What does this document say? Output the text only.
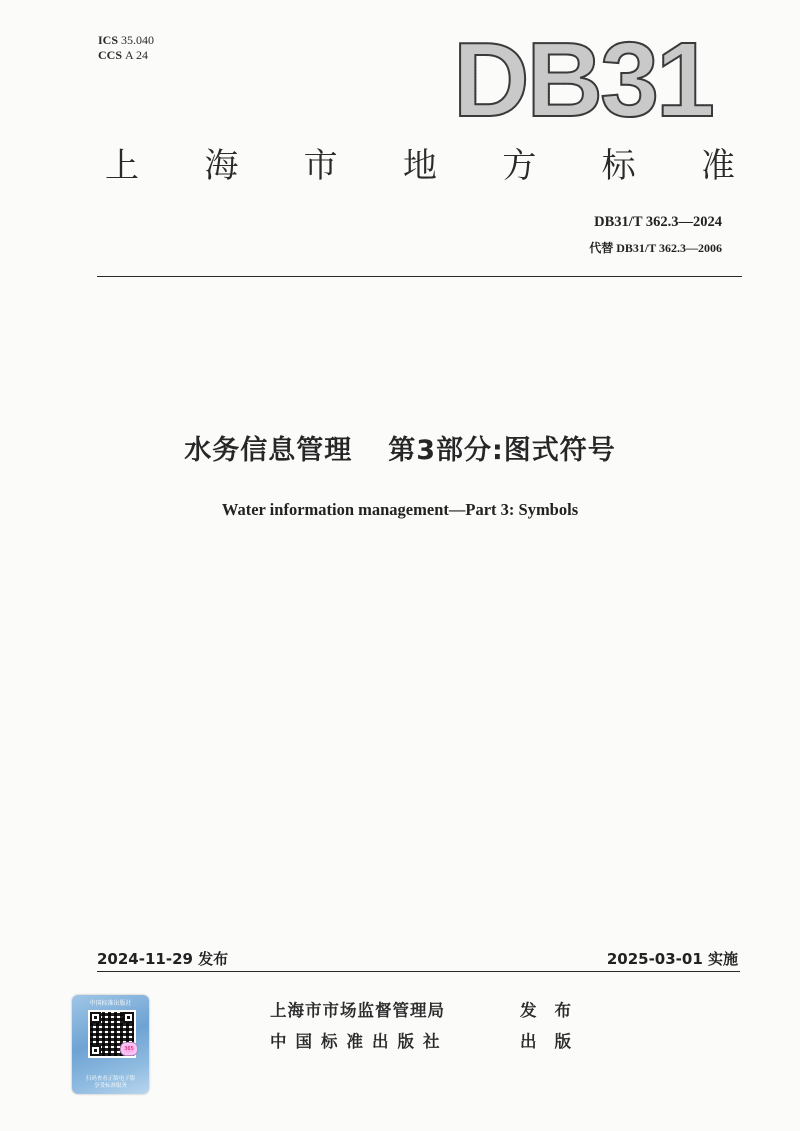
ICS 35.040
CCS A 24	DB31
上 海 市 地 方 标 准
DB31/T 362.3—2024
代替 DB31/T 362.3—2006
水务信息管理 第3部分:图式符号
Water information management—Part 3: Symbols
2024-11-29 发布	2025-03-01 实施
上海市市场监督管理局	发布
中国标准出版社	出版
中国标准出版社
365
扫码查看正版电子版
享受标准服务
